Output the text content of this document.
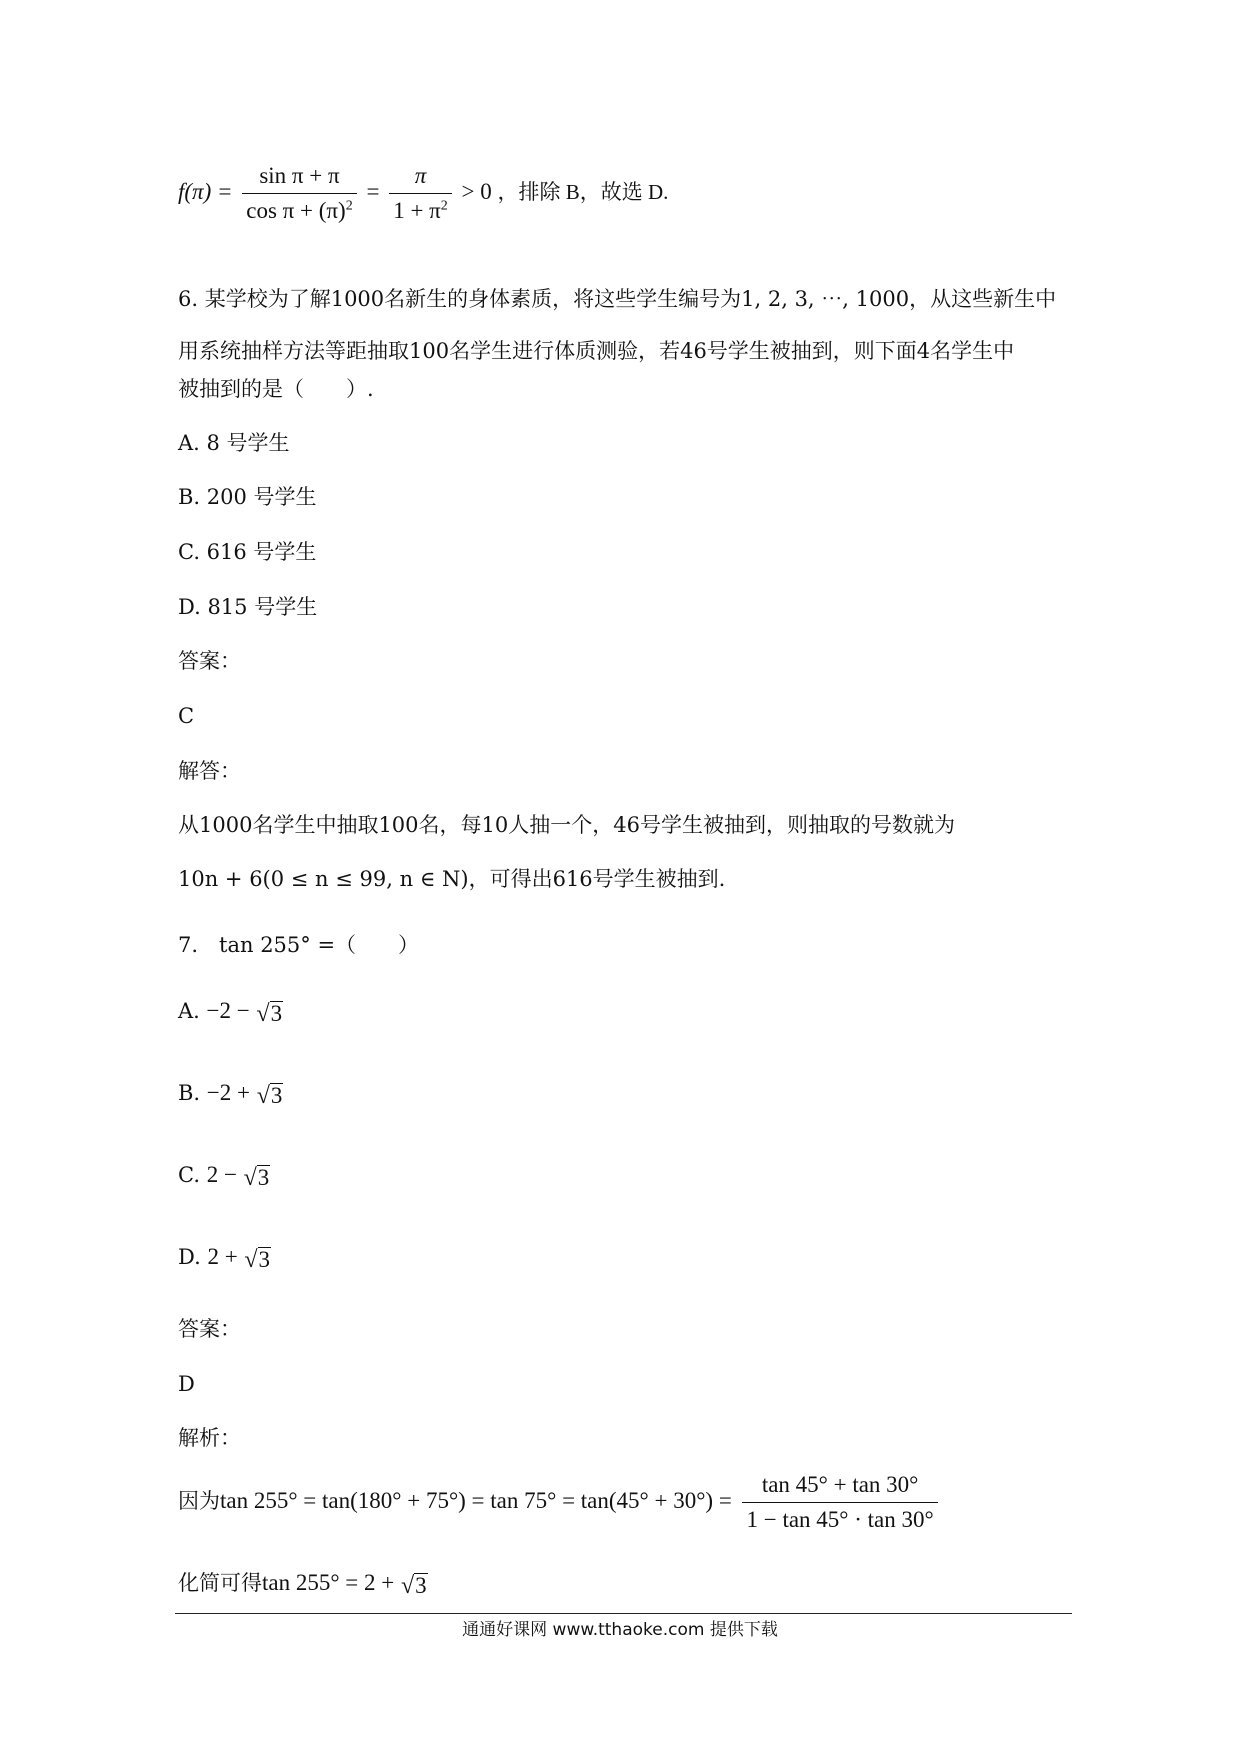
$f(\pi) = \frac{\text{sin π + π}}{\cos \pi + (\pi)^2} = \frac{\pi}{1 + \pi^2} > 0$ ，排除 B，故选 D.
6. 某学校为了解1000名新生的身体素质，将这些学生编号为1, 2, 3, ⋯, 1000，从这些新生中
用系统抽样方法等距抽取100名学生进行体质测验，若46号学生被抽到，则下面4名学生中
被抽到的是（　　）.
A. 8 号学生
B. 200 号学生
C. 616 号学生
D. 815 号学生
答案：
C
解答：
从1000名学生中抽取100名，每10人抽一个，46号学生被抽到，则抽取的号数就为
10n + 6(0 ≤ n ≤ 99, n ∈ N)，可得出616号学生被抽到.
7.　tan 255° =（　　）
A. −2 − √ 3
B. −2 + √ 3
C. 2 − √ 3
D. 2 + √ 3
答案：
D
解析：
因为$\tan 255^\circ = \tan(180^\circ + 75^\circ) = \tan 75^\circ = \tan(45^\circ + 30^\circ) = \frac{\tan 45^\circ + \tan 30^\circ}{1 - \tan 45^\circ \cdot \tan 30^\circ}$
化简可得tan 255° = 2 + √ 3
通通好课网 www.tthaoke.com 提供下载
